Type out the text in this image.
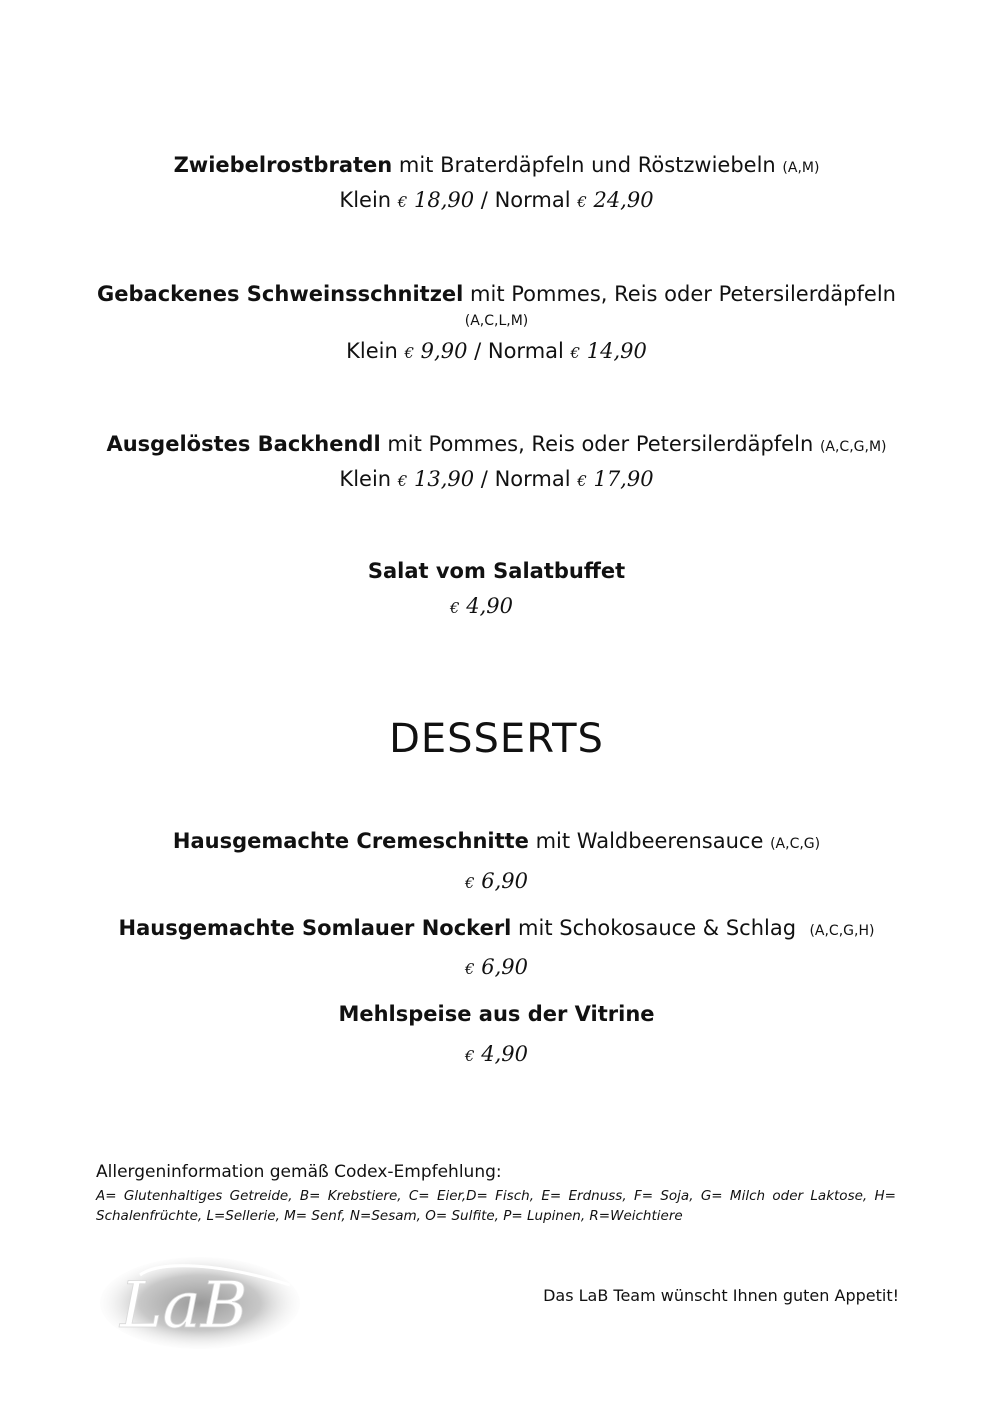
Zwiebelrostbraten mit Braterdäpfeln und Röstzwiebeln (A,M)
Klein € 18,90 / Normal € 24,90
Gebackenes Schweinsschnitzel mit Pommes, Reis oder Petersilerdäpfeln
(A,C,L,M)
Klein € 9,90 / Normal € 14,90
Ausgelöstes Backhendl mit Pommes, Reis oder Petersilerdäpfeln (A,C,G,M)
Klein € 13,90 / Normal € 17,90
Salat vom Salatbuffet
€ 4,90
DESSERTS
Hausgemachte Cremeschnitte mit Waldbeerensauce (A,C,G)
€ 6,90
Hausgemachte Somlauer Nockerl mit Schokosauce & Schlag  (A,C,G,H)
€ 6,90
Mehlspeise aus der Vitrine
€ 4,90
Allergeninformation gemäß Codex-Empfehlung:
A= Glutenhaltiges Getreide, B= Krebstiere, C= Eier,D= Fisch, E= Erdnuss, F= Soja, G= Milch oder Laktose, H= Schalenfrüchte, L=Sellerie, M= Senf, N=Sesam, O= Sulfite, P= Lupinen, R=Weichtiere
LaB	Das LaB Team wünscht Ihnen guten Appetit!
